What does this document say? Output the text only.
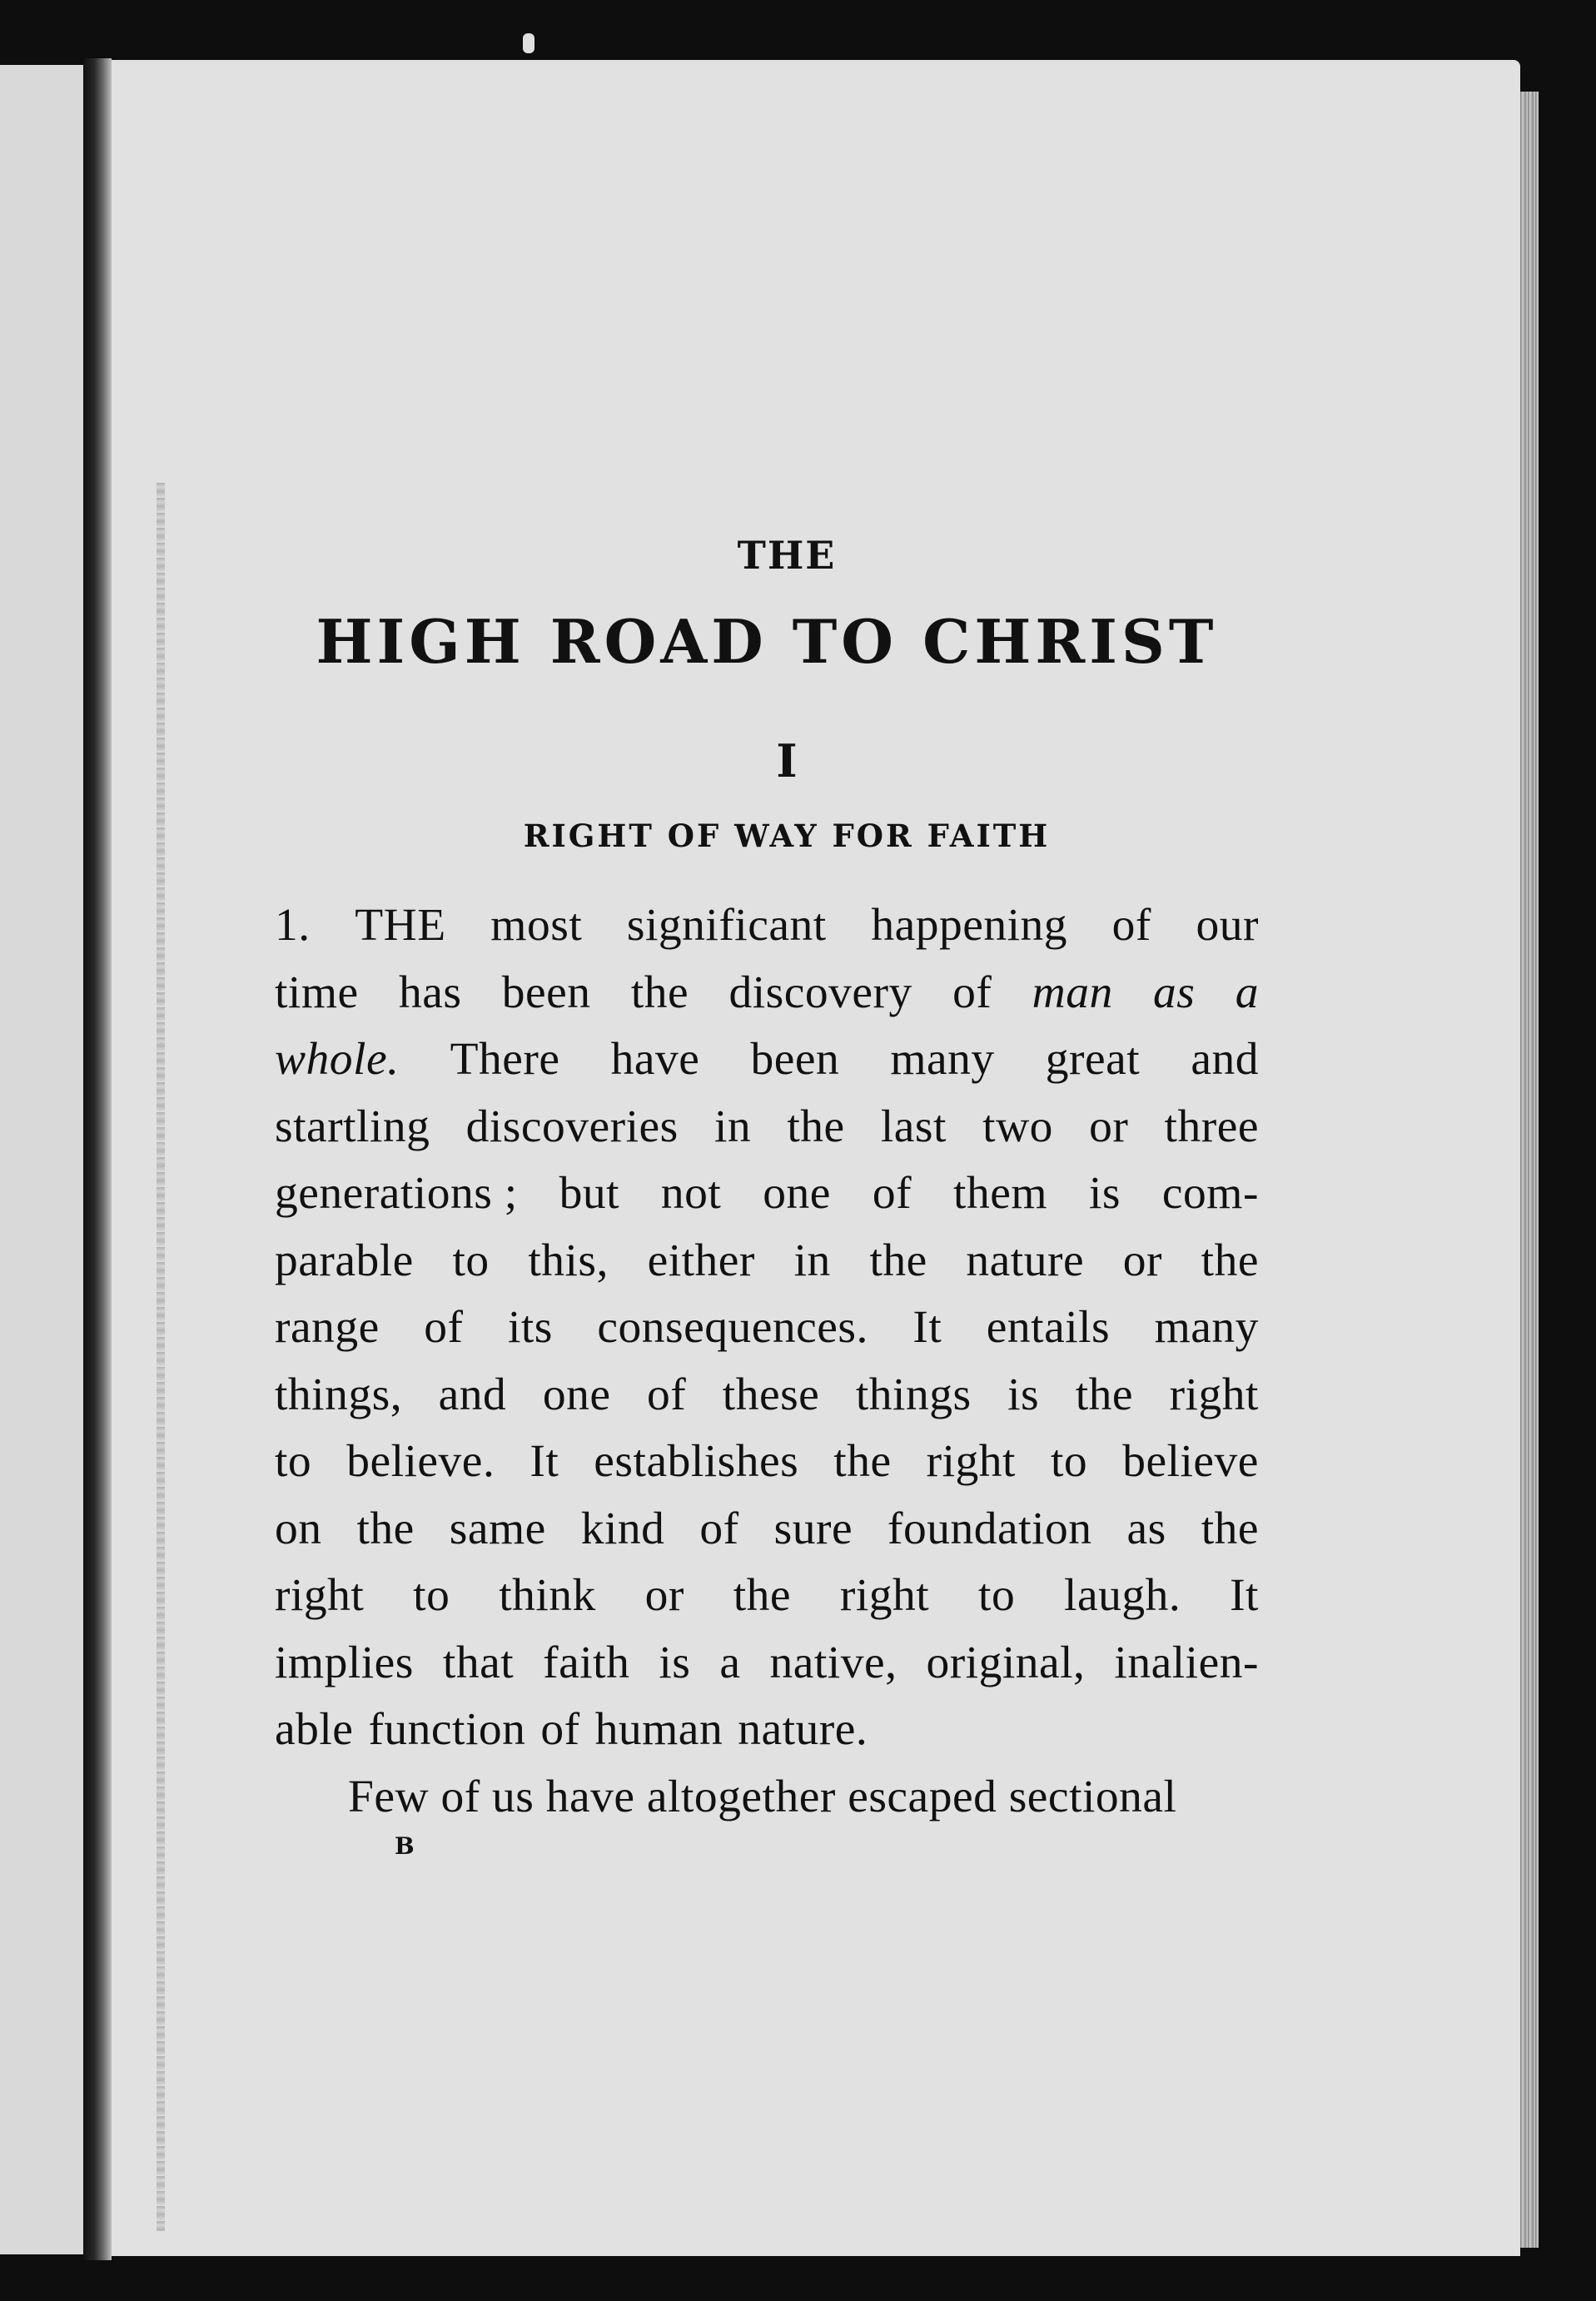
THE
HIGH ROAD TO CHRIST
I
RIGHT OF WAY FOR FAITH
1. THE most significant happening of our
time has been the discovery of man as a
whole. There have been many great and
startling discoveries in the last two or three
generations ; but not one of them is com-
parable to this, either in the nature or the
range of its consequences. It entails many
things, and one of these things is the right
to believe. It establishes the right to believe
on the same kind of sure foundation as the
right to think or the right to laugh. It
implies that faith is a native, original, inalien-
able function of human nature.
Few of us have altogether escaped sectional
B
